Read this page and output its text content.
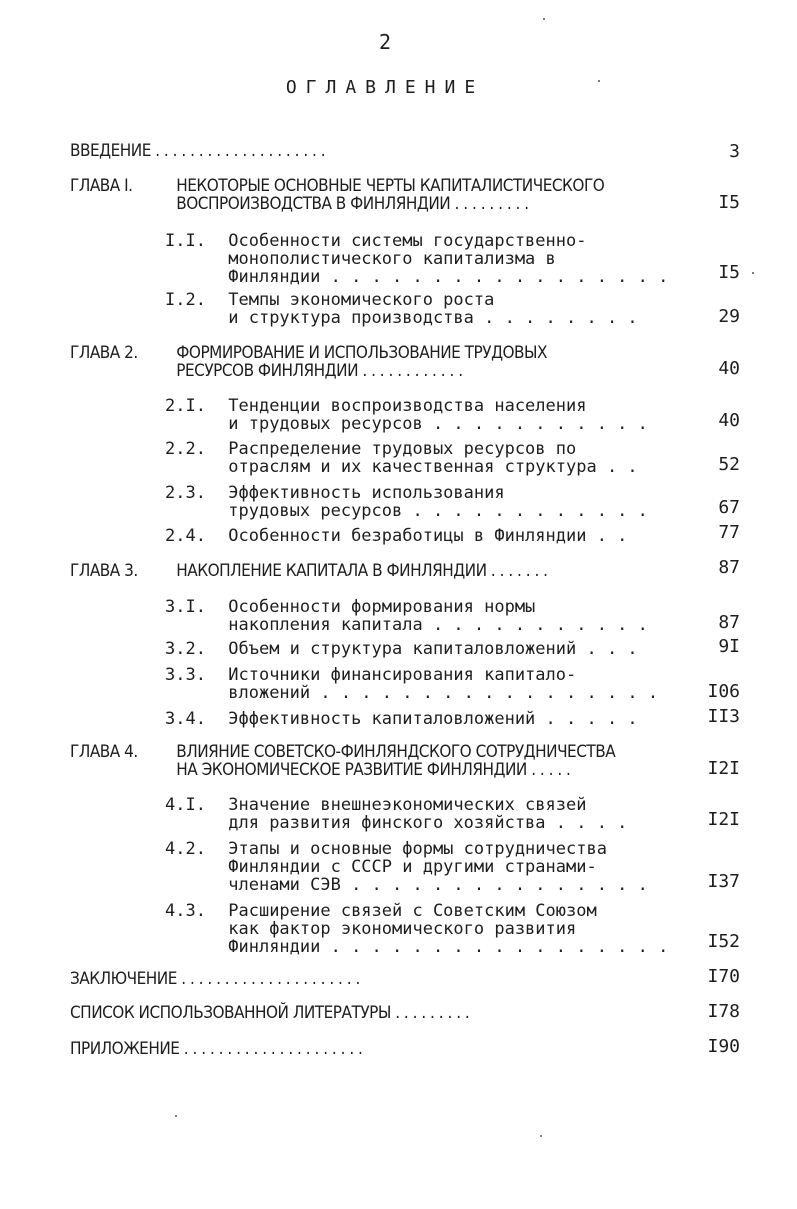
2
ОГЛАВЛЕНИЕ
ВВЕДЕНИЕ . . . . . . . . . . . . . . . . . . . .	3
ГЛАВА I.	НЕКОТОРЫЕ ОСНОВНЫЕ ЧЕРТЫ КАПИТАЛИСТИЧЕСКОГО
ВОСПРОИЗВОДСТВА В ФИНЛЯНДИИ . . . . . . . . .	I5
I.I. Особенности системы государственно-
монополистического капитализма в
Финляндии . . . . . . . . . . . . . . . . .	I5
I.2. Темпы экономического роста
и структура производства . . . . . . . .	29
ГЛАВА 2. ФОРМИРОВАНИЕ И ИСПОЛЬЗОВАНИЕ ТРУДОВЫХ
РЕСУРСОВ ФИНЛЯНДИИ . . . . . . . . . . . .	40
2.I. Тенденции воспроизводства населения
и трудовых ресурсов . . . . . . . . . . .	40
2.2. Распределение трудовых ресурсов по
отраслям и их качественная структура . .	52
2.3. Эффективность использования
трудовых ресурсов . . . . . . . . . . . .	67
2.4. Особенности безработицы в Финляндии . .	77
ГЛАВА 3. НАКОПЛЕНИЕ КАПИТАЛА В ФИНЛЯНДИИ . . . . . . .	87
3.I. Особенности формирования нормы
накопления капитала . . . . . . . . . . .	87
3.2. Объем и структура капиталовложений . . .	9I
3.3. Источники финансирования капитало-
вложений . . . . . . . . . . . . . . . . .	I06
3.4. Эффективность капиталовложений . . . . .	II3
ГЛАВА 4. ВЛИЯНИЕ СОВЕТСКО-ФИНЛЯНДСКОГО СОТРУДНИЧЕСТВА
НА ЭКОНОМИЧЕСКОЕ РАЗВИТИЕ ФИНЛЯНДИИ . . . . .	I2I
4.I. Значение внешнеэкономических связей
для развития финского хозяйства . . . .	I2I
4.2. Этапы и основные формы сотрудничества
Финляндии с СССР и другими странами-
членами СЭВ . . . . . . . . . . . . . . .	I37
4.3. Расширение связей с Советским Союзом
как фактор экономического развития
Финляндии . . . . . . . . . . . . . . . . . I52
ЗАКЛЮЧЕНИЕ . . . . . . . . . . . . . . . . . . . . .	I70
СПИСОК ИСПОЛЬЗОВАННОЙ ЛИТЕРАТУРЫ . . . . . . . . .	I78
ПРИЛОЖЕНИЕ . . . . . . . . . . . . . . . . . . . . .	I90
